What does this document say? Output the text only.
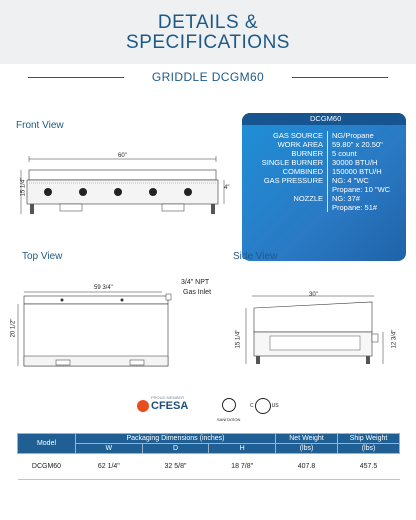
DETAILS &
SPECIFICATIONS
GRIDDLE DCGM60
Front View
60"
15 1/4"	4"
DCGM60
GAS SOURCE	NG/Propane
WORK AREA	59.80" x 20.50"
BURNER	5 count
SINGLE BURNER	30000 BTU/H
COMBINED	150000 BTU/H
GAS PRESSURE	NG: 4 "WC
Propane: 10 "WC
NOZZLE	NG: 37#
Propane: 51#
Top View
59 3/4"
20 1/2"
3/4" NPT
Gas Inlet
Side View
30"
15 1/4"	12 3/4"
PROUD MEMBER
CFESA
SANITATION
C	US
Model	Packaging Dimensions (inches)			Net Weight	Ship Weight
	W	D	H	(lbs)	(lbs)
DCGM60	62 1/4"	32 5/8"	18 7/8"	407.8	457.5
